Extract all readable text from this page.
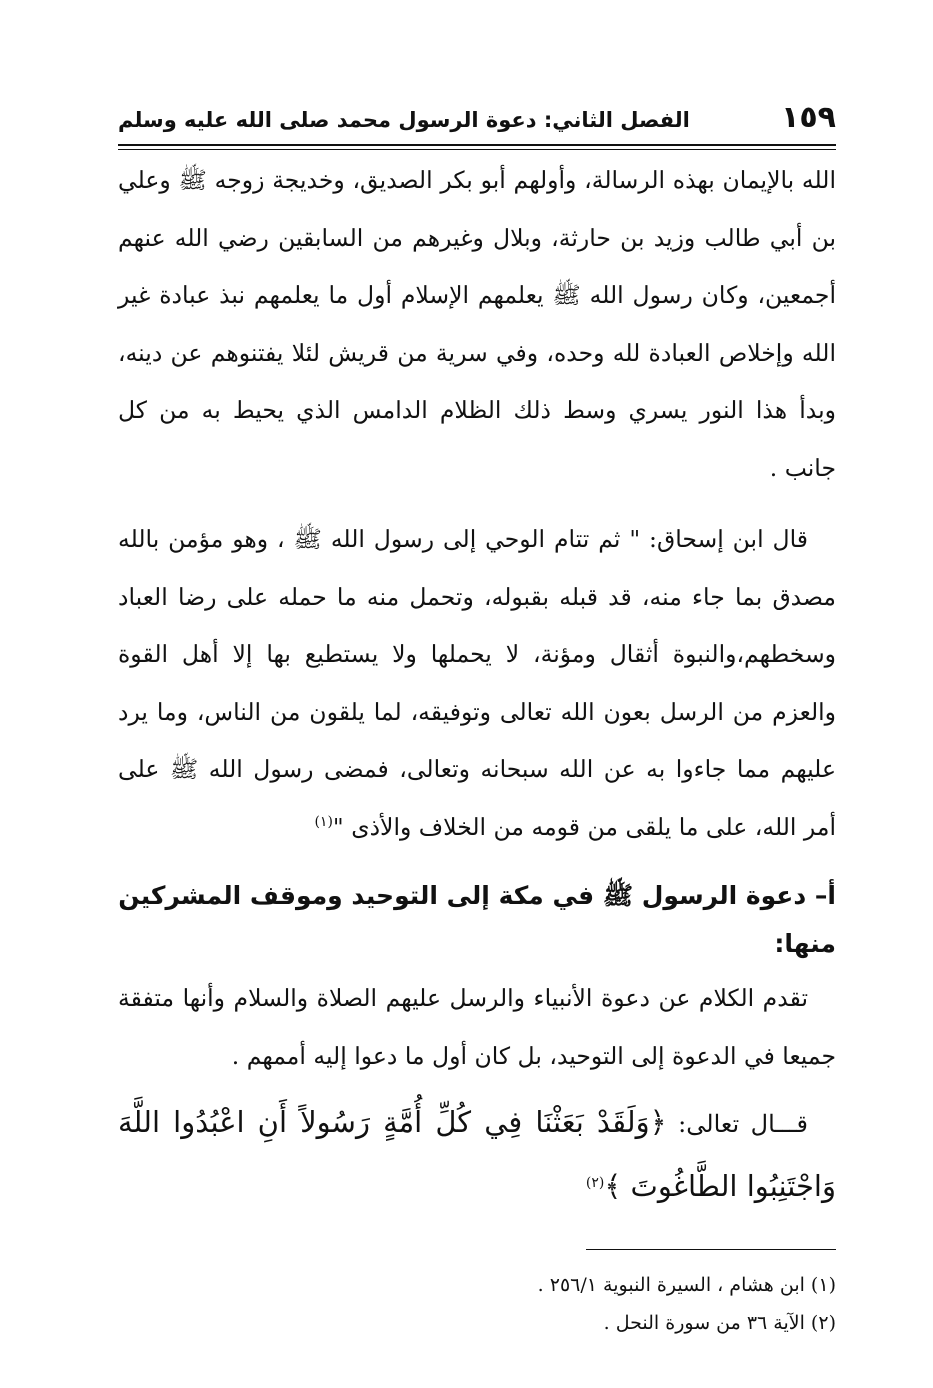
١٥٩
الفصل الثاني: دعوة الرسول محمد صلى الله عليه وسلم

الله بالإيمان بهذه الرسالة، وأولهم أبو بكر الصديق، وخديجة زوجه ﷺ وعلي بن أبي طالب وزيد بن حارثة، وبلال وغيرهم من السابقين رضي الله عنهم أجمعين، وكان رسول الله ﷺ يعلمهم الإسلام أول ما يعلمهم نبذ عبادة غير الله وإخلاص العبادة لله وحده، وفي سرية من قريش لئلا يفتنوهم عن دينه، وبدأ هذا النور يسري وسط ذلك الظلام الدامس الذي يحيط به من كل جانب .

قال ابن إسحاق: " ثم تتام الوحي إلى رسول الله ﷺ ، وهو مؤمن بالله مصدق بما جاء منه، قد قبله بقبوله، وتحمل منه ما حمله على رضا العباد وسخطهم،والنبوة أثقال ومؤنة، لا يحملها ولا يستطيع بها إلا أهل القوة والعزم من الرسل بعون الله تعالى وتوفيقه، لما يلقون من الناس، وما يرد عليهم مما جاءوا به عن الله سبحانه وتعالى، فمضى رسول الله ﷺ على أمر الله، على ما يلقى من قومه من الخلاف والأذى "$^{(١)}$

أ– دعوة الرسول ﷺ في مكة إلى التوحيد وموقف المشركين منها:

تقدم الكلام عن دعوة الأنبياء والرسل عليهم الصلاة والسلام وأنها متفقة جميعا في الدعوة إلى التوحيد، بل كان أول ما دعوا إليه أممهم .

قـــال تعالى: ﴿وَلَقَدْ بَعَثْنَا فِي كُلِّ أُمَّةٍ رَسُولاً أَنِ اعْبُدُوا اللَّهَ وَاجْتَنِبُوا الطَّاغُوتَ ﴾$^{(٢)}$

(١) ابن هشام ، السيرة النبوية ٢٥٦/١ .

(٢) الآية ٣٦ من سورة النحل .
